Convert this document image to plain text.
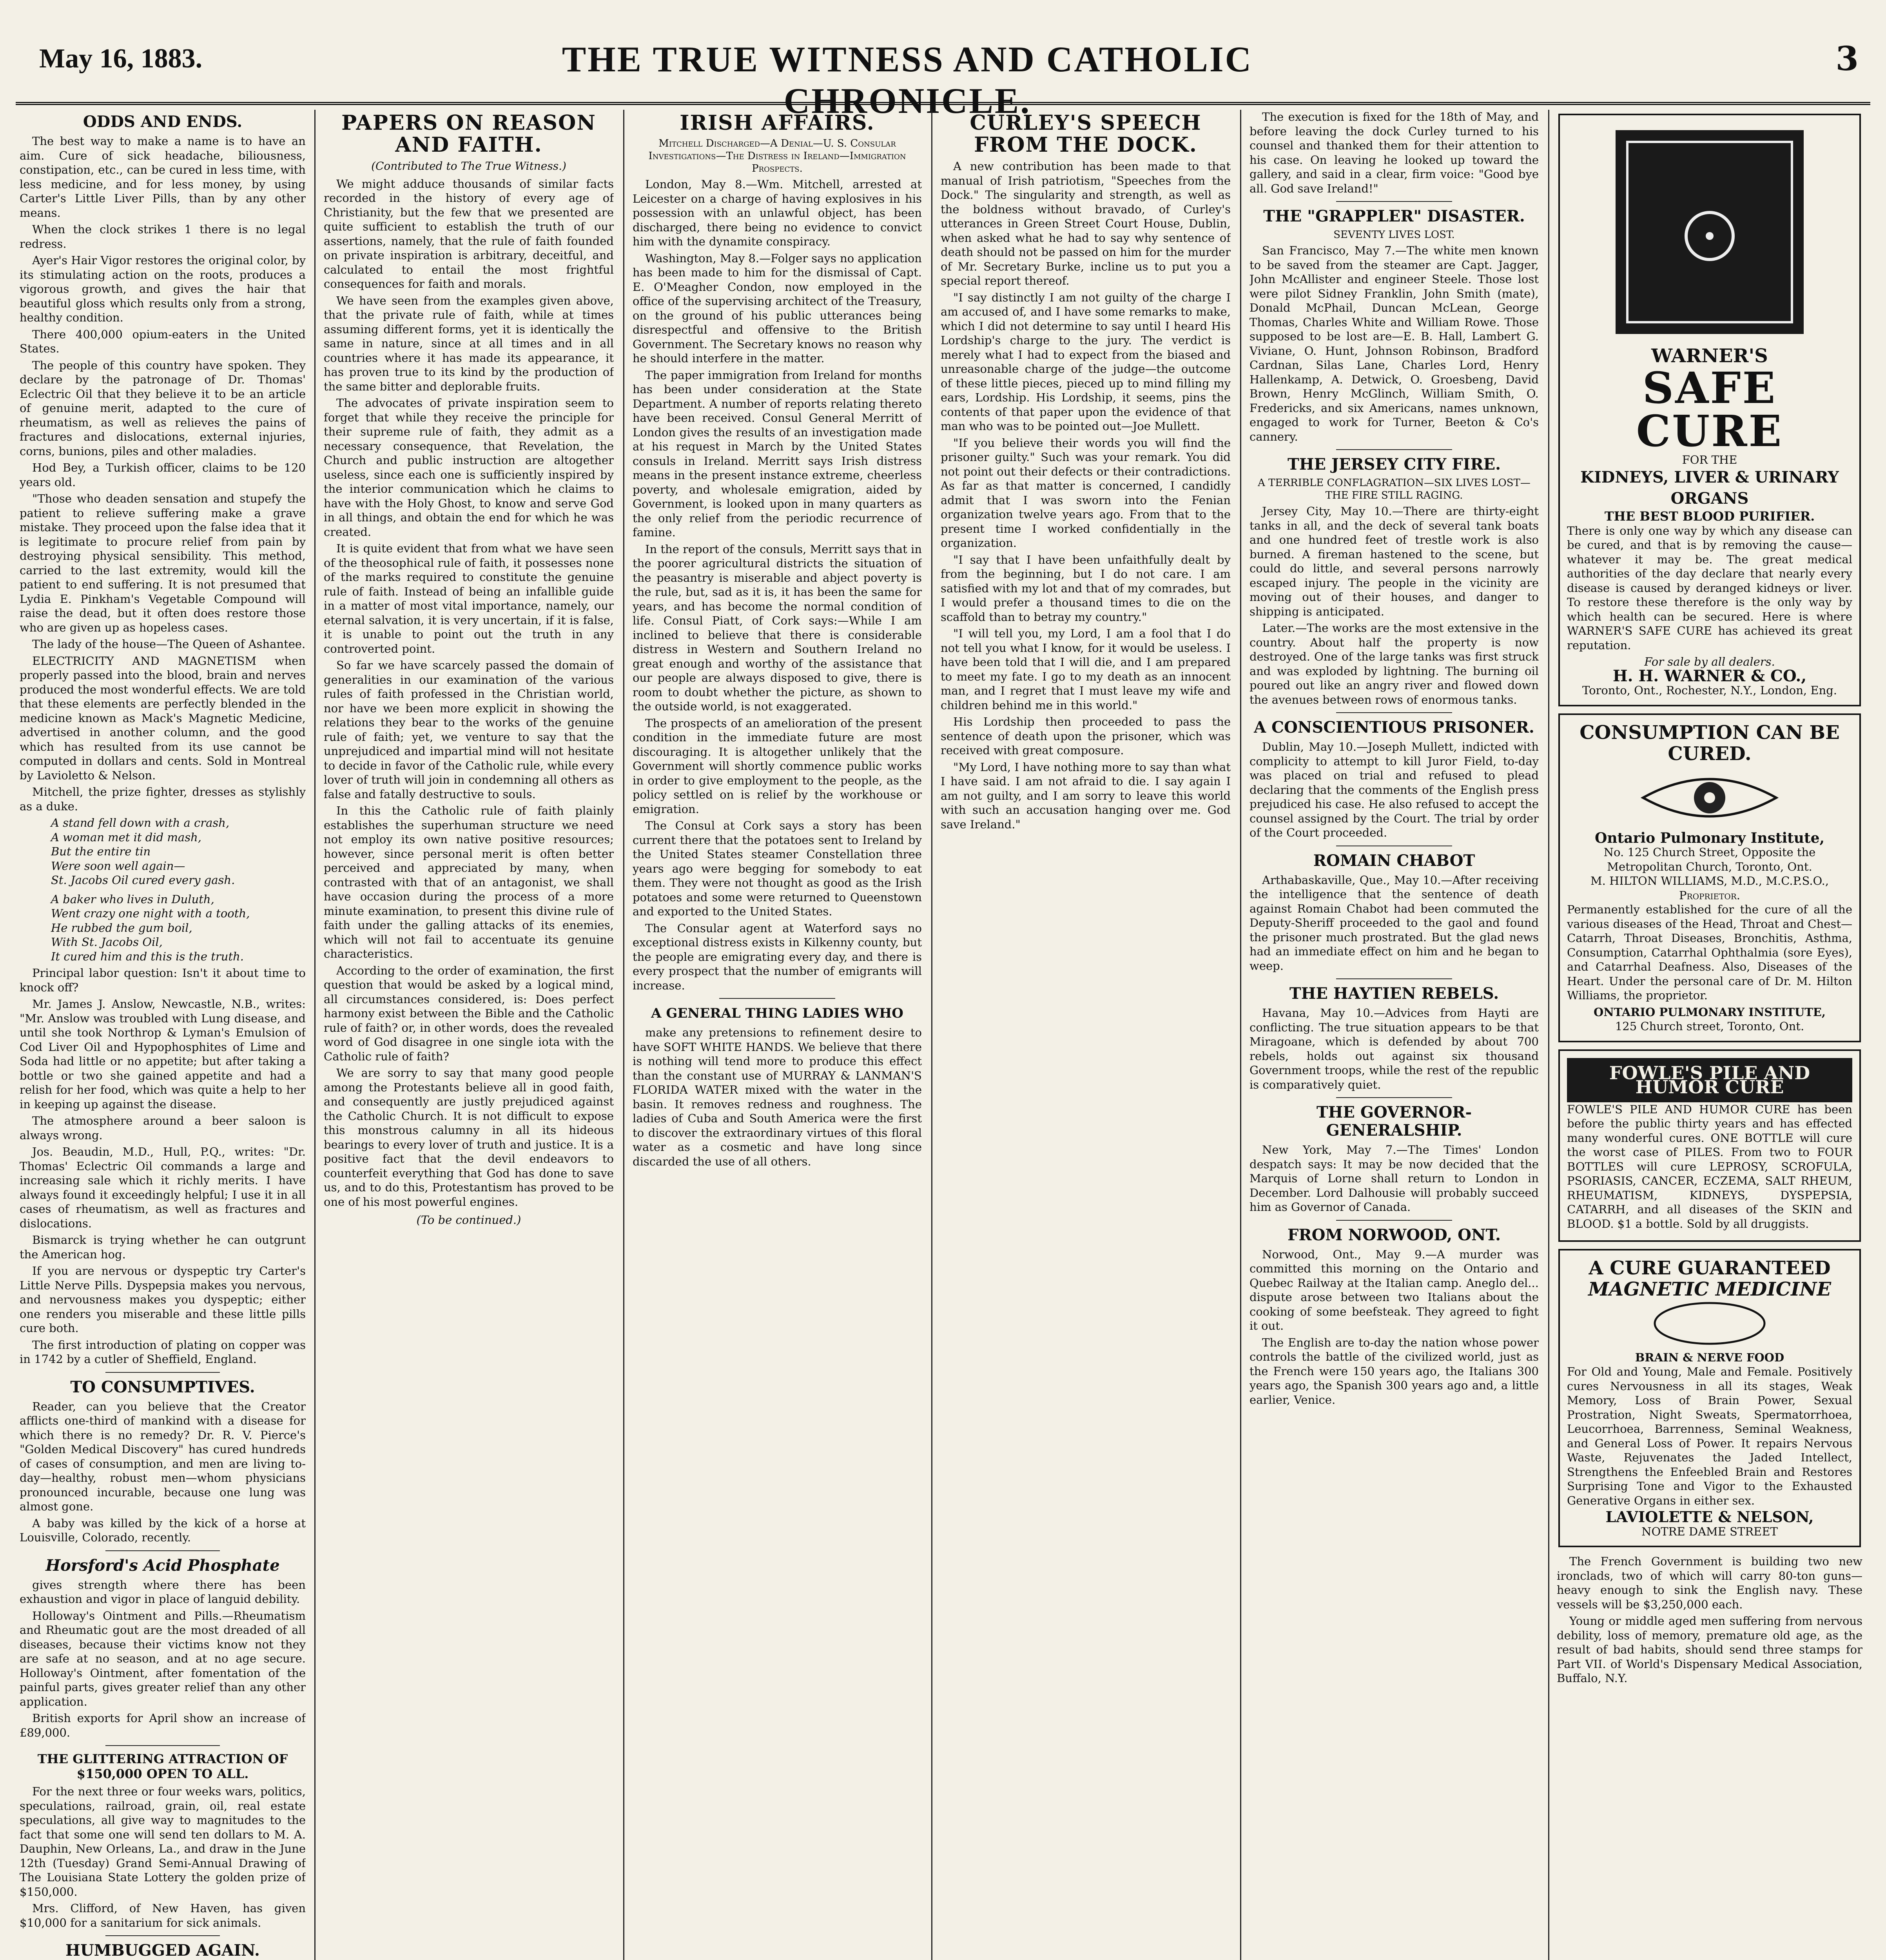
May 16, 1883.	THE TRUE WITNESS AND CATHOLIC CHRONICLE.
3
ODDS AND ENDS.

The best way to make a name is to have an aim. Cure of sick headache, biliousness, constipation, etc., can be cured in less time, with less medicine, and for less money, by using Carter's Little Liver Pills, than by any other means.

When the clock strikes 1 there is no legal redress.

Ayer's Hair Vigor restores the original color, by its stimulating action on the roots, produces a vigorous growth, and gives the hair that beautiful gloss which results only from a strong, healthy condition.

There 400,000 opium-eaters in the United States.

The people of this country have spoken. They declare by the patronage of Dr. Thomas' Eclectric Oil that they believe it to be an article of genuine merit, adapted to the cure of rheumatism, as well as relieves the pains of fractures and dislocations, external injuries, corns, bunions, piles and other maladies.

Hod Bey, a Turkish officer, claims to be 120 years old.

"Those who deaden sensation and stupefy the patient to relieve suffering make a grave mistake. They proceed upon the false idea that it is legitimate to procure relief from pain by destroying physical sensibility. This method, carried to the last extremity, would kill the patient to end suffering. It is not presumed that Lydia E. Pinkham's Vegetable Compound will raise the dead, but it often does restore those who are given up as hopeless cases.

The lady of the house—The Queen of Ashantee.

ELECTRICITY AND MAGNETISM when properly passed into the blood, brain and nerves produced the most wonderful effects. We are told that these elements are perfectly blended in the medicine known as Mack's Magnetic Medicine, advertised in another column, and the good which has resulted from its use cannot be computed in dollars and cents. Sold in Montreal by Lavioletto & Nelson.

Mitchell, the prize fighter, dresses as stylishly as a duke.

A stand fell down with a crash,
A woman met it did mash,
But the entire tin
Were soon well again—
St. Jacobs Oil cured every gash.
A baker who lives in Duluth,
Went crazy one night with a tooth,
He rubbed the gum boil,
With St. Jacobs Oil,
It cured him and this is the truth.

Principal labor question: Isn't it about time to knock off?

Mr. James J. Anslow, Newcastle, N.B., writes: "Mr. Anslow was troubled with Lung disease, and until she took Northrop & Lyman's Emulsion of Cod Liver Oil and Hypophosphites of Lime and Soda had little or no appetite; but after taking a bottle or two she gained appetite and had a relish for her food, which was quite a help to her in keeping up against the disease.

The atmosphere around a beer saloon is always wrong.

Jos. Beaudin, M.D., Hull, P.Q., writes: "Dr. Thomas' Eclectric Oil commands a large and increasing sale which it richly merits. I have always found it exceedingly helpful; I use it in all cases of rheumatism, as well as fractures and dislocations.

Bismarck is trying whether he can outgrunt the American hog.

If you are nervous or dyspeptic try Carter's Little Nerve Pills. Dyspepsia makes you nervous, and nervousness makes you dyspeptic; either one renders you miserable and these little pills cure both.

The first introduction of plating on copper was in 1742 by a cutler of Sheffield, England.

TO CONSUMPTIVES.

Reader, can you believe that the Creator afflicts one-third of mankind with a disease for which there is no remedy? Dr. R. V. Pierce's "Golden Medical Discovery" has cured hundreds of cases of consumption, and men are living to-day—healthy, robust men—whom physicians pronounced incurable, because one lung was almost gone.

A baby was killed by the kick of a horse at Louisville, Colorado, recently.

Horsford's Acid Phosphate

gives strength where there has been exhaustion and vigor in place of languid debility.

Holloway's Ointment and Pills.—Rheumatism and Rheumatic gout are the most dreaded of all diseases, because their victims know not they are safe at no season, and at no age secure. Holloway's Ointment, after fomentation of the painful parts, gives greater relief than any other application.

British exports for April show an increase of £89,000.

THE GLITTERING ATTRACTION OF $150,000 OPEN TO ALL.

For the next three or four weeks wars, politics, speculations, railroad, grain, oil, real estate speculations, all give way to magnitudes to the fact that some one will send ten dollars to M. A. Dauphin, New Orleans, La., and draw in the June 12th (Tuesday) Grand Semi-Annual Drawing of The Louisiana State Lottery the golden prize of $150,000.

Mrs. Clifford, of New Haven, has given $10,000 for a sanitarium for sick animals.

HUMBUGGED AGAIN.

PAPERS ON REASON AND FAITH.
(Contributed to The True Witness.)

We might adduce thousands of similar facts recorded in the history of every age of Christianity, but the few that we presented are quite sufficient to establish the truth of our assertions, namely, that the rule of faith founded on private inspiration is arbitrary, deceitful, and calculated to entail the most frightful consequences for faith and morals.

We have seen from the examples given above, that the private rule of faith, while at times assuming different forms, yet it is identically the same in nature, since at all times and in all countries where it has made its appearance, it has proven true to its kind by the production of the same bitter and deplorable fruits.

The advocates of private inspiration seem to forget that while they receive the principle for their supreme rule of faith, they admit as a necessary consequence, that Revelation, the Church and public instruction are altogether useless, since each one is sufficiently inspired by the interior communication which he claims to have with the Holy Ghost, to know and serve God in all things, and obtain the end for which he was created.

It is quite evident that from what we have seen of the theosophical rule of faith, it possesses none of the marks required to constitute the genuine rule of faith. Instead of being an infallible guide in a matter of most vital importance, namely, our eternal salvation, it is very uncertain, if it is false, it is unable to point out the truth in any controverted point.

So far we have scarcely passed the domain of generalities in our examination of the various rules of faith professed in the Christian world, nor have we been more explicit in showing the relations they bear to the works of the genuine rule of faith; yet, we venture to say that the unprejudiced and impartial mind will not hesitate to decide in favor of the Catholic rule, while every lover of truth will join in condemning all others as false and fatally destructive to souls.

In this the Catholic rule of faith plainly establishes the superhuman structure we need not employ its own native positive resources; however, since personal merit is often better perceived and appreciated by many, when contrasted with that of an antagonist, we shall have occasion during the process of a more minute examination, to present this divine rule of faith under the galling attacks of its enemies, which will not fail to accentuate its genuine characteristics.

According to the order of examination, the first question that would be asked by a logical mind, all circumstances considered, is: Does perfect harmony exist between the Bible and the Catholic rule of faith? or, in other words, does the revealed word of God disagree in one single iota with the Catholic rule of faith?

We are sorry to say that many good people among the Protestants believe all in good faith, and consequently are justly prejudiced against the Catholic Church. It is not difficult to expose this monstrous calumny in all its hideous bearings to every lover of truth and justice. It is a positive fact that the devil endeavors to counterfeit everything that God has done to save us, and to do this, Protestantism has proved to be one of his most powerful engines.

(To be continued.)
IRISH AFFAIRS.
Mitchell Discharged—A Denial—U. S. Consular Investigations—The Distress in Ireland—Immigration Prospects.

London, May 8.—Wm. Mitchell, arrested at Leicester on a charge of having explosives in his possession with an unlawful object, has been discharged, there being no evidence to convict him with the dynamite conspiracy.

Washington, May 8.—Folger says no application has been made to him for the dismissal of Capt. E. O'Meagher Condon, now employed in the office of the supervising architect of the Treasury, on the ground of his public utterances being disrespectful and offensive to the British Government. The Secretary knows no reason why he should interfere in the matter.

The paper immigration from Ireland for months has been under consideration at the State Department. A number of reports relating thereto have been received. Consul General Merritt of London gives the results of an investigation made at his request in March by the United States consuls in Ireland. Merritt says Irish distress means in the present instance extreme, cheerless poverty, and wholesale emigration, aided by Government, is looked upon in many quarters as the only relief from the periodic recurrence of famine.

In the report of the consuls, Merritt says that in the poorer agricultural districts the situation of the peasantry is miserable and abject poverty is the rule, but, sad as it is, it has been the same for years, and has become the normal condition of life. Consul Piatt, of Cork says:—While I am inclined to believe that there is considerable distress in Western and Southern Ireland no great enough and worthy of the assistance that our people are always disposed to give, there is room to doubt whether the picture, as shown to the outside world, is not exaggerated.

The prospects of an amelioration of the present condition in the immediate future are most discouraging. It is altogether unlikely that the Government will shortly commence public works in order to give employment to the people, as the policy settled on is relief by the workhouse or emigration.

The Consul at Cork says a story has been current there that the potatoes sent to Ireland by the United States steamer Constellation three years ago were begging for somebody to eat them. They were not thought as good as the Irish potatoes and some were returned to Queenstown and exported to the United States.

The Consular agent at Waterford says no exceptional distress exists in Kilkenny county, but the people are emigrating every day, and there is every prospect that the number of emigrants will increase.

A GENERAL THING LADIES WHO

make any pretensions to refinement desire to have SOFT WHITE HANDS. We believe that there is nothing will tend more to produce this effect than the constant use of MURRAY & LANMAN'S FLORIDA WATER mixed with the water in the basin. It removes redness and roughness. The ladies of Cuba and South America were the first to discover the extraordinary virtues of this floral water as a cosmetic and have long since discarded the use of all others.

CURLEY'S SPEECH FROM THE DOCK.

A new contribution has been made to that manual of Irish patriotism, "Speeches from the Dock." The singularity and strength, as well as the boldness without bravado, of Curley's utterances in Green Street Court House, Dublin, when asked what he had to say why sentence of death should not be passed on him for the murder of Mr. Secretary Burke, incline us to put you a special report thereof.

"I say distinctly I am not guilty of the charge I am accused of, and I have some remarks to make, which I did not determine to say until I heard His Lordship's charge to the jury. The verdict is merely what I had to expect from the biased and unreasonable charge of the judge—the outcome of these little pieces, pieced up to mind filling my ears, Lordship. His Lordship, it seems, pins the contents of that paper upon the evidence of that man who was to be pointed out—Joe Mullett.

"If you believe their words you will find the prisoner guilty." Such was your remark. You did not point out their defects or their contradictions. As far as that matter is concerned, I candidly admit that I was sworn into the Fenian organization twelve years ago. From that to the present time I worked confidentially in the organization.

"I say that I have been unfaithfully dealt by from the beginning, but I do not care. I am satisfied with my lot and that of my comrades, but I would prefer a thousand times to die on the scaffold than to betray my country."

"I will tell you, my Lord, I am a fool that I do not tell you what I know, for it would be useless. I have been told that I will die, and I am prepared to meet my fate. I go to my death as an innocent man, and I regret that I must leave my wife and children behind me in this world."

His Lordship then proceeded to pass the sentence of death upon the prisoner, which was received with great composure.

"My Lord, I have nothing more to say than what I have said. I am not afraid to die. I say again I am not guilty, and I am sorry to leave this world with such an accusation hanging over me. God save Ireland."

The execution is fixed for the 18th of May, and before leaving the dock Curley turned to his counsel and thanked them for their attention to his case. On leaving he looked up toward the gallery, and said in a clear, firm voice: "Good bye all. God save Ireland!"

THE "GRAPPLER" DISASTER.
SEVENTY LIVES LOST.

San Francisco, May 7.—The white men known to be saved from the steamer are Capt. Jagger, John McAllister and engineer Steele. Those lost were pilot Sidney Franklin, John Smith (mate), Donald McPhail, Duncan McLean, George Thomas, Charles White and William Rowe. Those supposed to be lost are—E. B. Hall, Lambert G. Viviane, O. Hunt, Johnson Robinson, Bradford Cardnan, Silas Lane, Charles Lord, Henry Hallenkamp, A. Detwick, O. Groesbeng, David Brown, Henry McGlinch, William Smith, O. Fredericks, and six Americans, names unknown, engaged to work for Turner, Beeton & Co's cannery.

THE JERSEY CITY FIRE.
A TERRIBLE CONFLAGRATION—SIX LIVES LOST—THE FIRE STILL RAGING.

Jersey City, May 10.—There are thirty-eight tanks in all, and the deck of several tank boats and one hundred feet of trestle work is also burned. A fireman hastened to the scene, but could do little, and several persons narrowly escaped injury. The people in the vicinity are moving out of their houses, and danger to shipping is anticipated.

Later.—The works are the most extensive in the country. About half the property is now destroyed. One of the large tanks was first struck and was exploded by lightning. The burning oil poured out like an angry river and flowed down the avenues between rows of enormous tanks.

A CONSCIENTIOUS PRISONER.

Dublin, May 10.—Joseph Mullett, indicted with complicity to attempt to kill Juror Field, to-day was placed on trial and refused to plead declaring that the comments of the English press prejudiced his case. He also refused to accept the counsel assigned by the Court. The trial by order of the Court proceeded.

ROMAIN CHABOT

Arthabaskaville, Que., May 10.—After receiving the intelligence that the sentence of death against Romain Chabot had been commuted the Deputy-Sheriff proceeded to the gaol and found the prisoner much prostrated. But the glad news had an immediate effect on him and he began to weep.

THE HAYTIEN REBELS.

Havana, May 10.—Advices from Hayti are conflicting. The true situation appears to be that Miragoane, which is defended by about 700 rebels, holds out against six thousand Government troops, while the rest of the republic is comparatively quiet.

THE GOVERNOR-GENERALSHIP.

New York, May 7.—The Times' London despatch says: It may be now decided that the Marquis of Lorne shall return to London in December. Lord Dalhousie will probably succeed him as Governor of Canada.

FROM NORWOOD, ONT.

Norwood, Ont., May 9.—A murder was committed this morning on the Ontario and Quebec Railway at the Italian camp. Aneglo del... dispute arose between two Italians about the cooking of some beefsteak. They agreed to fight it out.

The English are to-day the nation whose power controls the battle of the civilized world, just as the French were 150 years ago, the Italians 300 years ago, the Spanish 300 years ago and, a little earlier, Venice.

WARNER'S
SAFE
CURE
FOR THE
KIDNEYS, LIVER & URINARY ORGANS
THE BEST BLOOD PURIFIER.

There is only one way by which any disease can be cured, and that is by removing the cause—whatever it may be. The great medical authorities of the day declare that nearly every disease is caused by deranged kidneys or liver. To restore these therefore is the only way by which health can be secured. Here is where WARNER'S SAFE CURE has achieved its great reputation.

For sale by all dealers.
H. H. WARNER & CO.,
Toronto, Ont., Rochester, N.Y., London, Eng.
CONSUMPTION CAN BE CURED.
Ontario Pulmonary Institute,
No. 125 Church Street, Opposite the Metropolitan Church, Toronto, Ont.
M. HILTON WILLIAMS, M.D., M.C.P.S.O., Proprietor.

Permanently established for the cure of all the various diseases of the Head, Throat and Chest—Catarrh, Throat Diseases, Bronchitis, Asthma, Consumption, Catarrhal Ophthalmia (sore Eyes), and Catarrhal Deafness. Also, Diseases of the Heart. Under the personal care of Dr. M. Hilton Williams, the proprietor.

ONTARIO PULMONARY INSTITUTE,
125 Church street, Toronto, Ont.
FOWLE'S PILE AND HUMOR CURE

FOWLE'S PILE AND HUMOR CURE has been before the public thirty years and has effected many wonderful cures. ONE BOTTLE will cure the worst case of PILES. From two to FOUR BOTTLES will cure LEPROSY, SCROFULA, PSORIASIS, CANCER, ECZEMA, SALT RHEUM, RHEUMATISM, KIDNEYS, DYSPEPSIA, CATARRH, and all diseases of the SKIN and BLOOD. $1 a bottle. Sold by all druggists.

A CURE GUARANTEED
MAGNETIC MEDICINE
BRAIN & NERVE FOOD

For Old and Young, Male and Female. Positively cures Nervousness in all its stages, Weak Memory, Loss of Brain Power, Sexual Prostration, Night Sweats, Spermatorrhoea, Leucorrhoea, Barrenness, Seminal Weakness, and General Loss of Power. It repairs Nervous Waste, Rejuvenates the Jaded Intellect, Strengthens the Enfeebled Brain and Restores Surprising Tone and Vigor to the Exhausted Generative Organs in either sex.

LAVIOLETTE & NELSON,
NOTRE DAME STREET

The French Government is building two new ironclads, two of which will carry 80-ton guns—heavy enough to sink the English navy. These vessels will be $3,250,000 each.

Young or middle aged men suffering from nervous debility, loss of memory, premature old age, as the result of bad habits, should send three stamps for Part VII. of World's Dispensary Medical Association, Buffalo, N.Y.
